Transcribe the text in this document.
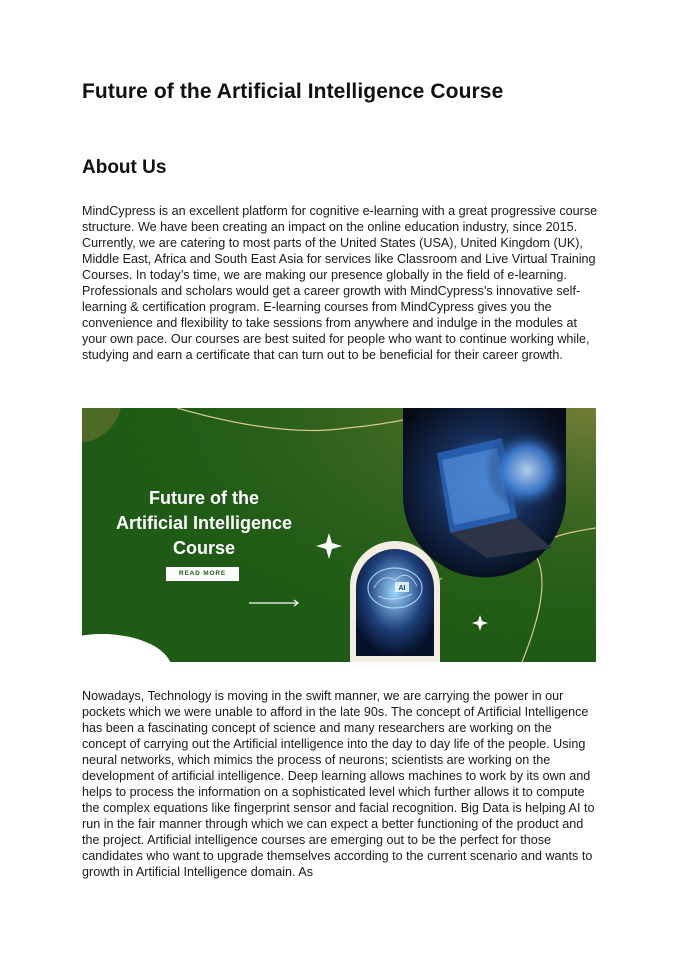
Future of the Artificial Intelligence Course
About Us

MindCypress is an excellent platform for cognitive e-learning with a great progressive course structure. We have been creating an impact on the online education industry, since 2015. Currently, we are catering to most parts of the United States (USA), United Kingdom (UK), Middle East, Africa and South East Asia for services like Classroom and Live Virtual Training Courses. In today’s time, we are making our presence globally in the field of e-learning. Professionals and scholars would get a career growth with MindCypress’s innovative self-learning & certification program. E-learning courses from MindCypress gives you the convenience and flexibility to take sessions from anywhere and indulge in the modules at your own pace. Our courses are best suited for people who want to continue working while, studying and earn a certificate that can turn out to be beneficial for their career growth.

AI
Future of the
Artificial Intelligence
Course
READ MORE

Nowadays, Technology is moving in the swift manner, we are carrying the power in our pockets which we were unable to afford in the late 90s. The concept of Artificial Intelligence has been a fascinating concept of science and many researchers are working on the concept of carrying out the Artificial intelligence into the day to day life of the people. Using neural networks, which mimics the process of neurons; scientists are working on the development of artificial intelligence. Deep learning allows machines to work by its own and helps to process the information on a sophisticated level which further allows it to compute the complex equations like fingerprint sensor and facial recognition. Big Data is helping AI to run in the fair manner through which we can expect a better functioning of the product and the project. Artificial intelligence courses are emerging out to be the perfect for those candidates who want to upgrade themselves according to the current scenario and wants to growth in Artificial Intelligence domain. As
